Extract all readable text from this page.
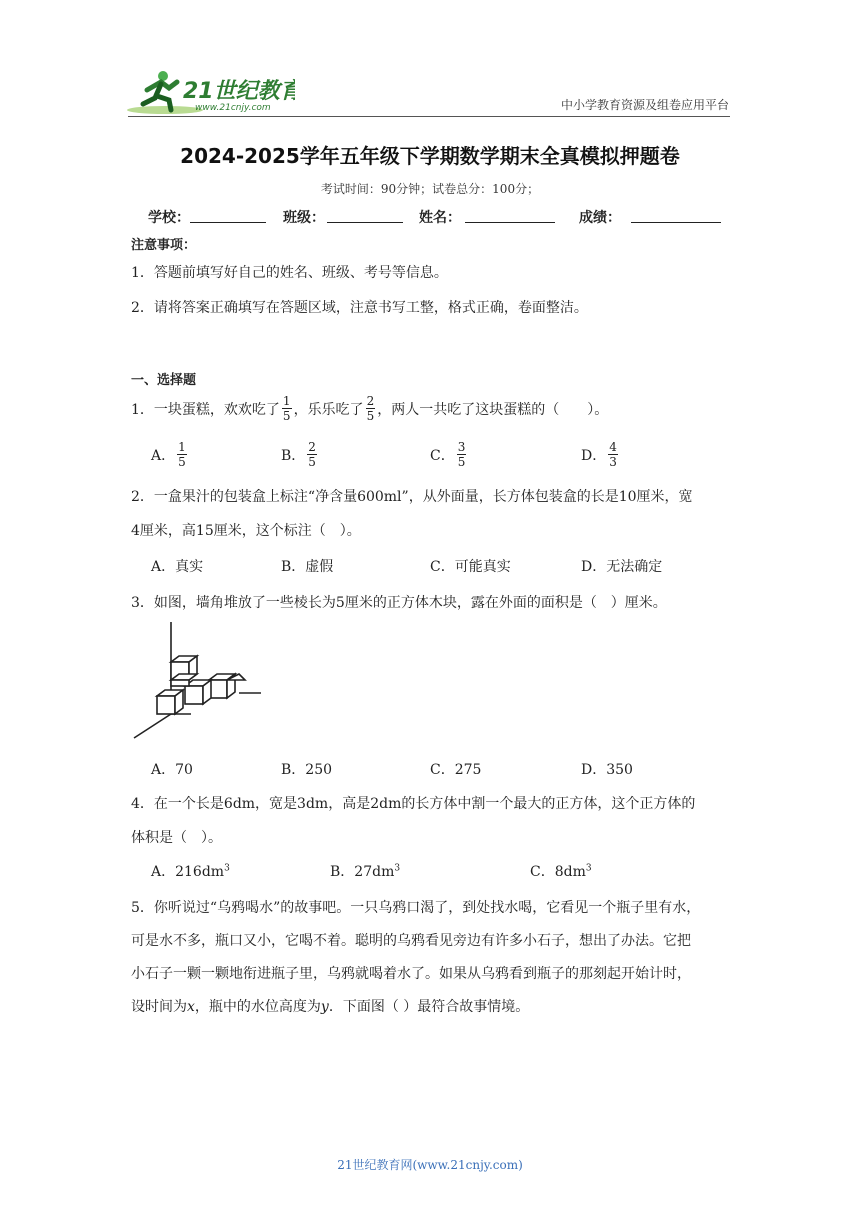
21世纪教育
www.21cnjy.com	中小学教育资源及组卷应用平台
2024-2025学年五年级下学期数学期末全真模拟押题卷
考试时间：90分钟；试卷总分：100分；
学校：	班级：	姓名：	成绩：
注意事项：
1．答题前填写好自己的姓名、班级、考号等信息。
2．请将答案正确填写在答题区域，注意书写工整，格式正确，卷面整洁。
一、选择题
1．一块蛋糕，欢欢吃了 $\frac{1}{5}$ ，乐乐吃了 $\frac{2}{5}$ ，两人一共吃了这块蛋糕的（　　）。
A． $\frac{1}{5}$	B． $\frac{2}{5}$	C． $\frac{3}{5}$	D． $\frac{4}{3}$
2．一盒果汁的包装盒上标注“净含量600ml”，从外面量，长方体包装盒的长是10厘米，宽
4厘米，高15厘米，这个标注（　）。
A．真实	B．虚假	C．可能真实	D．无法确定
3．如图，墙角堆放了一些棱长为5厘米的正方体木块，露在外面的面积是（　）厘米。
A．70	B．250	C．275	D．350
4．在一个长是6dm，宽是3dm，高是2dm的长方体中割一个最大的正方体，这个正方体的
体积是（　）。
A．$216dm^3$	B．$27dm^3$	C．$8dm^3$
5．你听说过“乌鸦喝水”的故事吧。一只乌鸦口渴了，到处找水喝，它看见一个瓶子里有水，
可是水不多，瓶口又小，它喝不着。聪明的乌鸦看见旁边有许多小石子，想出了办法。它把
小石子一颗一颗地衔进瓶子里，乌鸦就喝着水了。如果从乌鸦看到瓶子的那刻起开始计时，
设时间为x，瓶中的水位高度为y．下面图（ ）最符合故事情境。
21世纪教育网(www.21cnjy.com)
